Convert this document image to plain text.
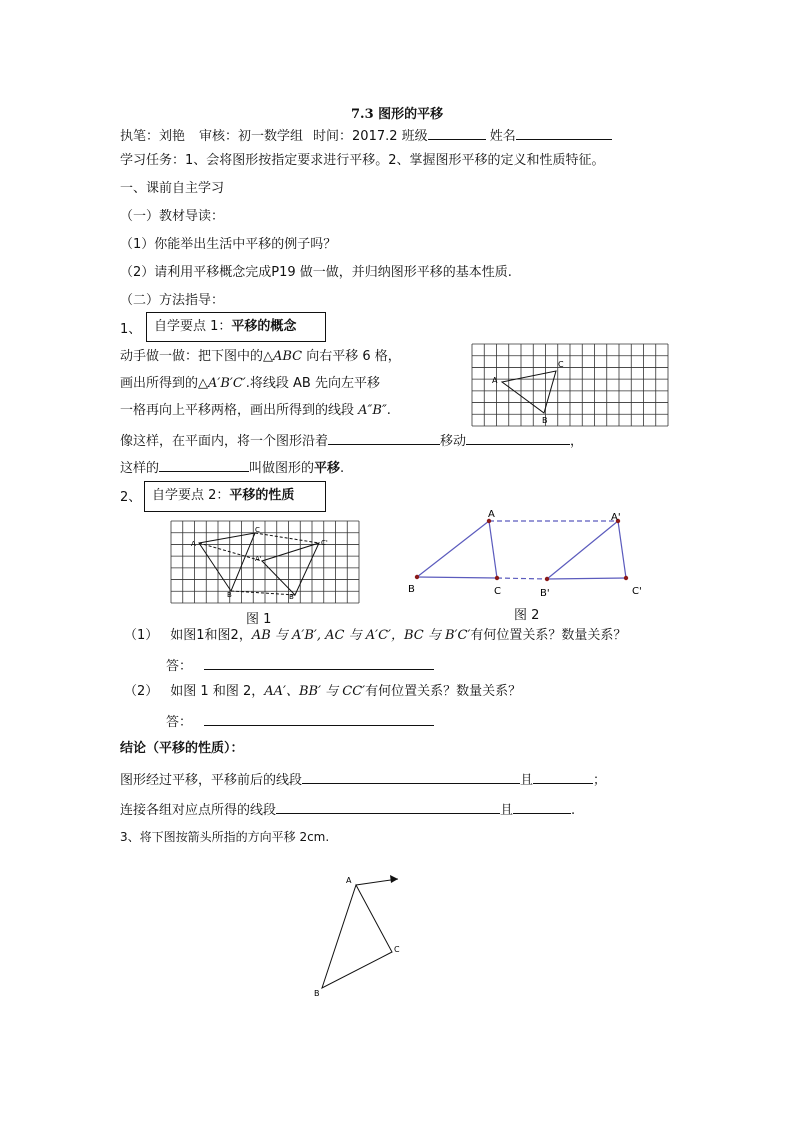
7.3 图形的平移
执笔：刘艳 审核：初一数学组 时间：2017.2 班级	姓名
学习任务：1、会将图形按指定要求进行平移。2、掌握图形平移的定义和性质特征。
一、课前自主学习
（一）教材导读：
（1）你能举出生活中平移的例子吗？
（2）请利用平移概念完成P19 做一做，并归纳图形平移的基本性质.
（二）方法指导：
1、 自学要点 1：平移的概念
动手做一做：把下图中的△ABC 向右平移 6 格，
画出所得到的△A′B′C′.将线段 AB 先向左平移
一格再向上平移两格，画出所得到的线段 A″B″.
像这样，在平面内，将一个图形沿着	移动	，
这样的	叫做图形的平移.
A
B
C
2、 自学要点 2：平移的性质
A
B
C
A'
B'
C'
图 1
A
B	C
A'
B'	C'
图 2
（1） 如图1和图2，AB 与 A′B′, AC 与 A′C′，BC 与 B′C′有何位置关系？数量关系？
答：
（2） 如图 1 和图 2，AA′、BB′ 与 CC′有何位置关系？数量关系？
答：
结论（平移的性质）：
图形经过平移，平移前后的线段	且	；
连接各组对应点所得的线段	且	.
3、将下图按箭头所指的方向平移 2cm.
A
B
C
